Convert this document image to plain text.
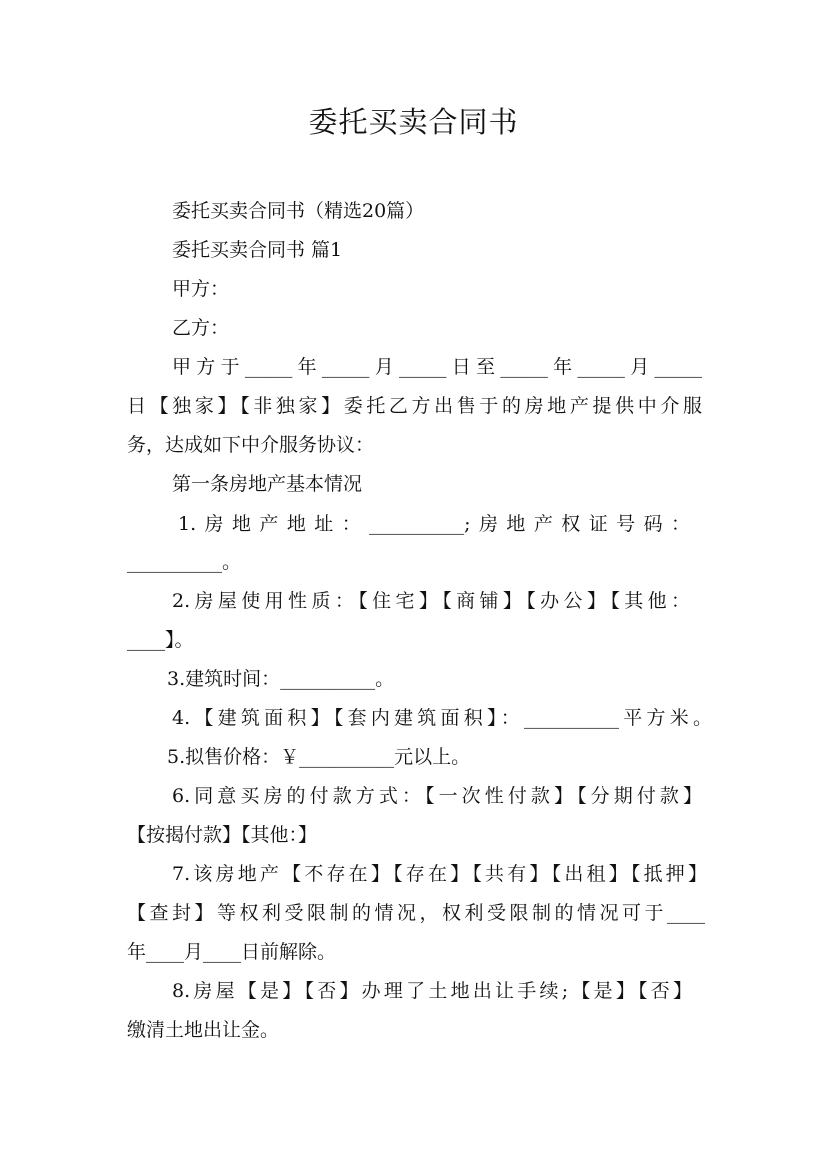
委托买卖合同书
委托买卖合同书（精选20篇）
委托买卖合同书 篇1
甲方：
乙方：
甲方于_____年_____月_____日至_____年_____月_____
日【独家】【非独家】委托乙方出售于的房地产提供中介服
务，达成如下中介服务协议：
第一条房地产基本情况
1.房地产地址：__________;房地产权证号码：
__________。
2.房屋使用性质：【住宅】【商铺】【办公】【其他：
____】。
3.建筑时间：__________。
4.【建筑面积】【套内建筑面积】：__________平方米。
5.拟售价格：￥__________元以上。
6.同意买房的付款方式：【一次性付款】【分期付款】
【按揭付款】【其他：】
7.该房地产【不存在】【存在】【共有】【出租】【抵押】
【查封】等权利受限制的情况，权利受限制的情况可于____
年____月____日前解除。
8.房屋【是】【否】办理了土地出让手续;【是】【否】
缴清土地出让金。
